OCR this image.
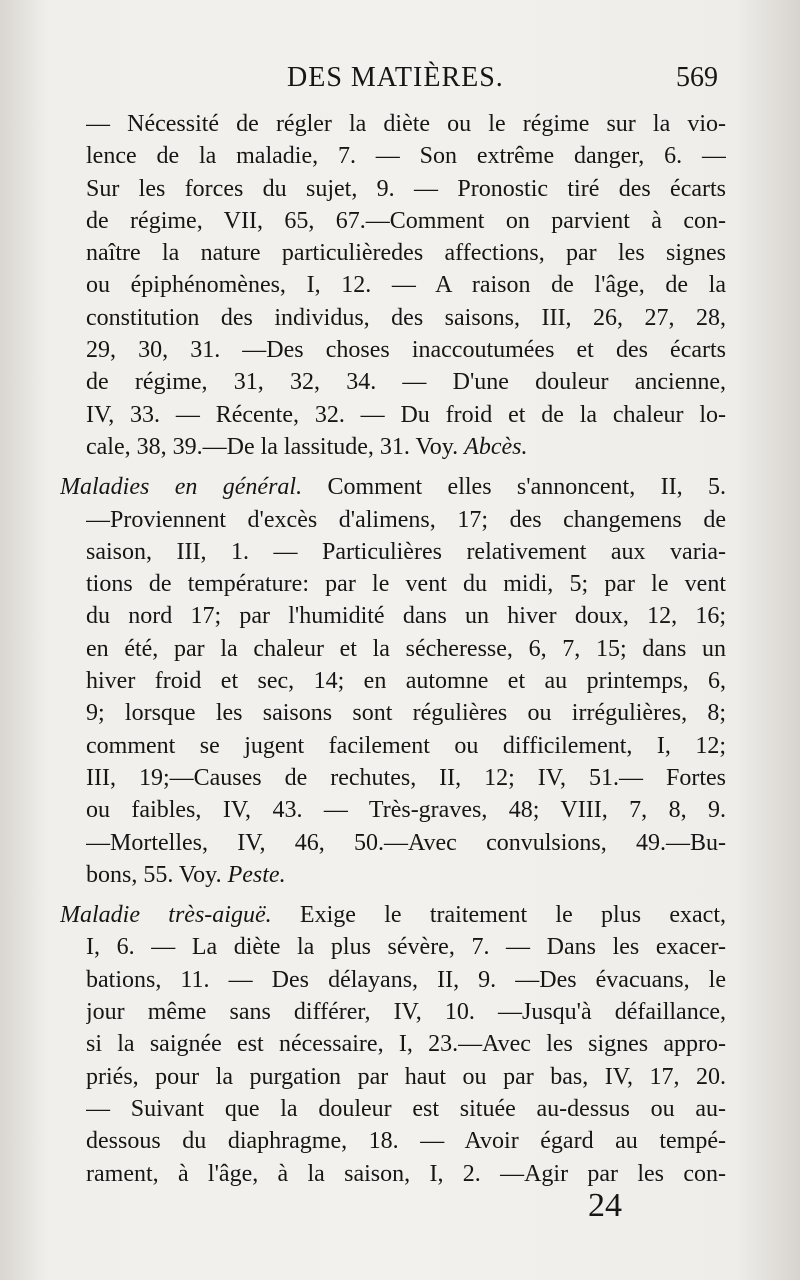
DES MATIÈRES.	569
— Nécessité de régler la diète ou le régime sur la vio-
lence de la maladie, 7. — Son extrême danger, 6. —
Sur les forces du sujet, 9. — Pronostic tiré des écarts
de régime, VII, 65, 67.—Comment on parvient à con-
naître la nature particulièredes affections, par les signes
ou épiphénomènes, I, 12. — A raison de l'âge, de la
constitution des individus, des saisons, III, 26, 27, 28,
29, 30, 31. —Des choses inaccoutumées et des écarts
de régime, 31, 32, 34. — D'une douleur ancienne,
IV, 33. — Récente, 32. — Du froid et de la chaleur lo-
cale, 38, 39.—De la lassitude, 31. Voy. Abcès.
Maladies en général. Comment elles s'annoncent, II, 5.
—Proviennent d'excès d'alimens, 17; des changemens de
saison, III, 1. — Particulières relativement aux varia-
tions de température: par le vent du midi, 5; par le vent
du nord 17; par l'humidité dans un hiver doux, 12, 16;
en été, par la chaleur et la sécheresse, 6, 7, 15; dans un
hiver froid et sec, 14; en automne et au printemps, 6,
9; lorsque les saisons sont régulières ou irrégulières, 8;
comment se jugent facilement ou difficilement, I, 12;
III, 19;—Causes de rechutes, II, 12; IV, 51.— Fortes
ou faibles, IV, 43. — Très-graves, 48; VIII, 7, 8, 9.
—Mortelles, IV, 46, 50.—Avec convulsions, 49.—Bu-
bons, 55. Voy. Peste.
Maladie très-aiguë. Exige le traitement le plus exact,
I, 6. — La diète la plus sévère, 7. — Dans les exacer-
bations, 11. — Des délayans, II, 9. —Des évacuans, le
jour même sans différer, IV, 10. —Jusqu'à défaillance,
si la saignée est nécessaire, I, 23.—Avec les signes appro-
priés, pour la purgation par haut ou par bas, IV, 17, 20.
— Suivant que la douleur est située au-dessus ou au-
dessous du diaphragme, 18. — Avoir égard au tempé-
rament, à l'âge, à la saison, I, 2. —Agir par les con-
24
